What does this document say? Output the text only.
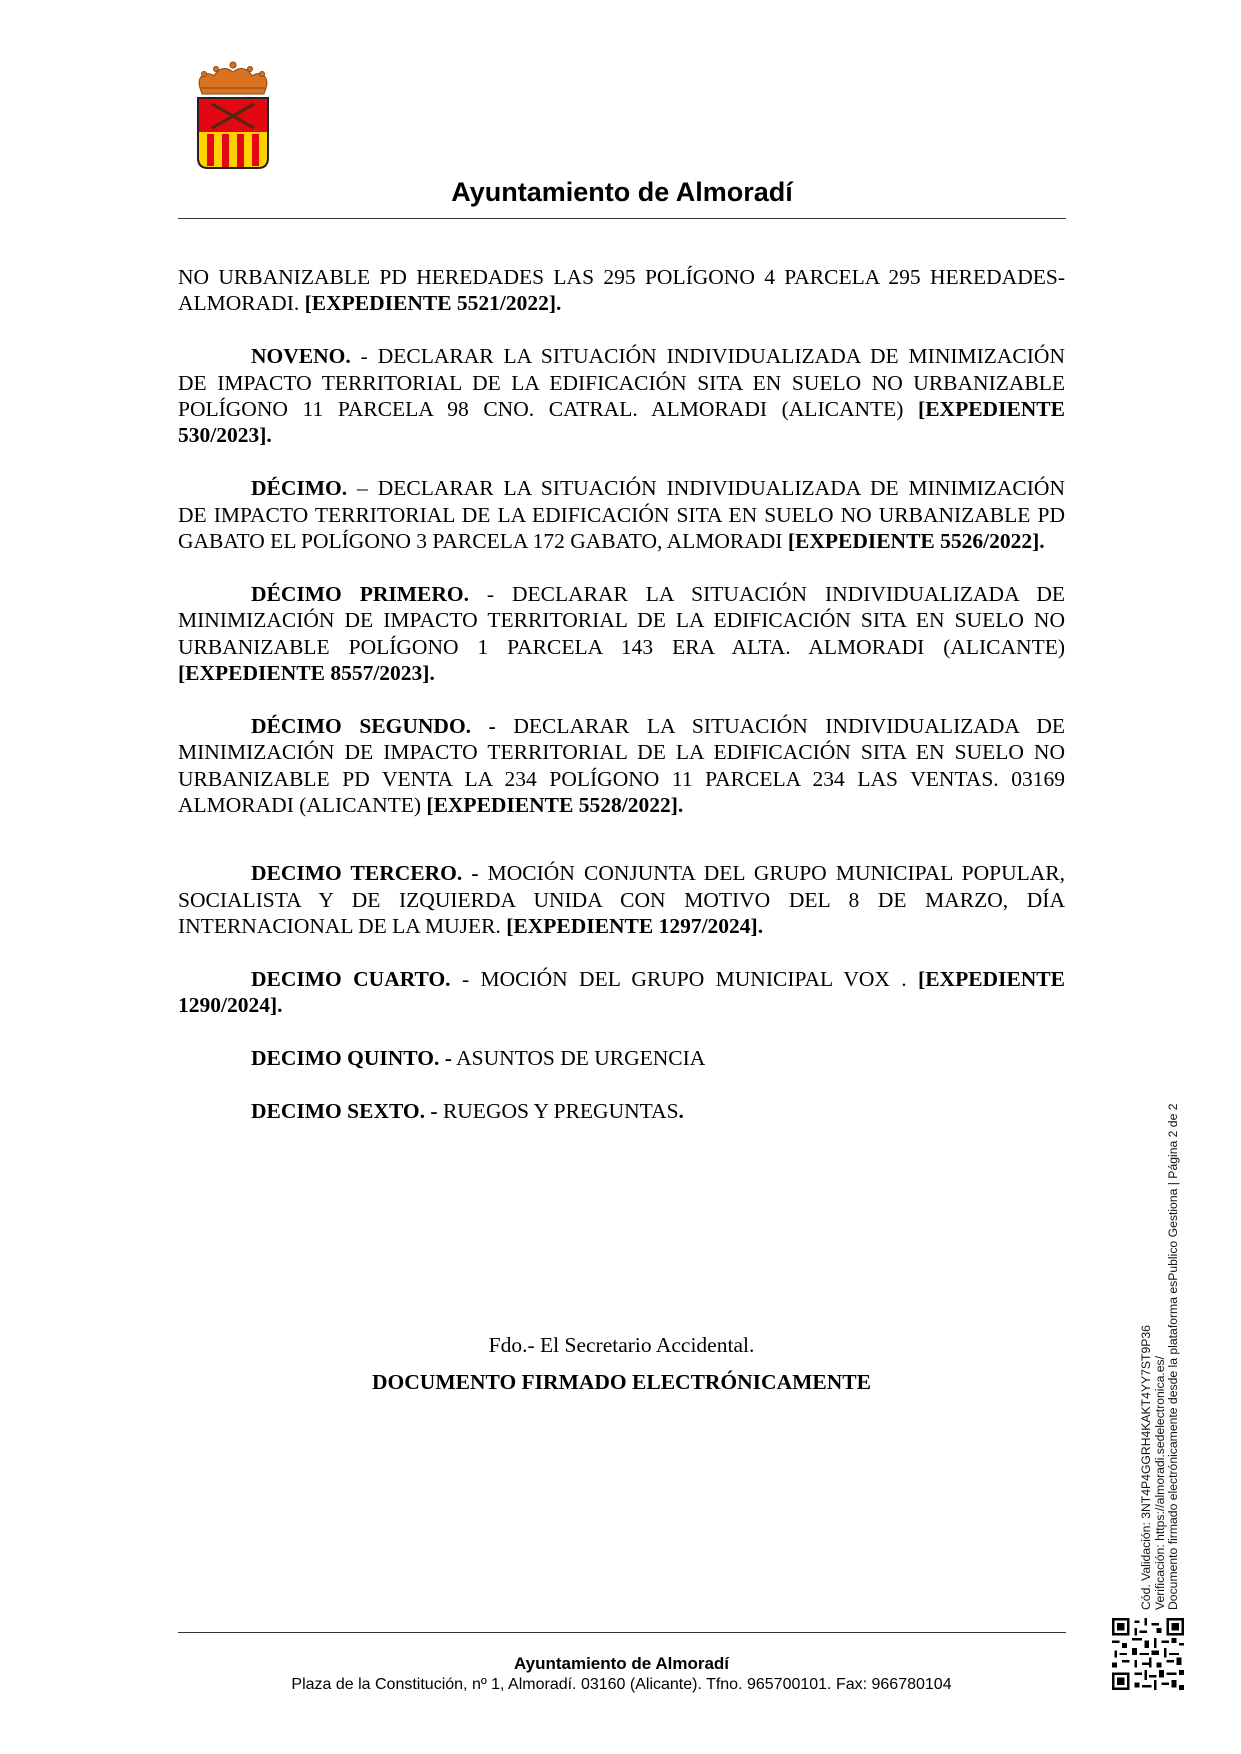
Ayuntamiento de Almoradí

NO URBANIZABLE PD HEREDADES LAS 295 POLÍGONO 4 PARCELA 295 HEREDADES-ALMORADI. [EXPEDIENTE 5521/2022].

NOVENO. - DECLARAR LA SITUACIÓN INDIVIDUALIZADA DE MINIMIZACIÓN DE IMPACTO TERRITORIAL DE LA EDIFICACIÓN SITA EN SUELO NO URBANIZABLE POLÍGONO 11 PARCELA 98 CNO. CATRAL. ALMORADI (ALICANTE) [EXPEDIENTE 530/2023].

DÉCIMO. – DECLARAR LA SITUACIÓN INDIVIDUALIZADA DE MINIMIZACIÓN DE IMPACTO TERRITORIAL DE LA EDIFICACIÓN SITA EN SUELO NO URBANIZABLE PD GABATO EL POLÍGONO 3 PARCELA 172 GABATO, ALMORADI [EXPEDIENTE 5526/2022].

DÉCIMO PRIMERO. - DECLARAR LA SITUACIÓN INDIVIDUALIZADA DE MINIMIZACIÓN DE IMPACTO TERRITORIAL DE LA EDIFICACIÓN SITA EN SUELO NO URBANIZABLE POLÍGONO 1 PARCELA 143 ERA ALTA. ALMORADI (ALICANTE) [EXPEDIENTE 8557/2023].

DÉCIMO SEGUNDO. - DECLARAR LA SITUACIÓN INDIVIDUALIZADA DE MINIMIZACIÓN DE IMPACTO TERRITORIAL DE LA EDIFICACIÓN SITA EN SUELO NO URBANIZABLE PD VENTA LA 234 POLÍGONO 11 PARCELA 234 LAS VENTAS. 03169 ALMORADI (ALICANTE) [EXPEDIENTE 5528/2022].

DECIMO TERCERO. - MOCIÓN CONJUNTA DEL GRUPO MUNICIPAL POPULAR, SOCIALISTA Y DE IZQUIERDA UNIDA CON MOTIVO DEL 8 DE MARZO, DÍA INTERNACIONAL DE LA MUJER. [EXPEDIENTE 1297/2024].

DECIMO CUARTO. - MOCIÓN DEL GRUPO MUNICIPAL VOX . [EXPEDIENTE 1290/2024].

DECIMO QUINTO. - ASUNTOS DE URGENCIA

DECIMO SEXTO. - RUEGOS Y PREGUNTAS.

Fdo.- El Secretario Accidental.
DOCUMENTO FIRMADO ELECTRÓNICAMENTE	Cód. Validación: 3NT4P4GGRH4KAKT4YY7ST9P36 Verificación: https://almoradi.sedelectronica.es/ Documento firmado electrónicamente desde la plataforma esPublico Gestiona | Página 2 de 2
Ayuntamiento de Almoradí
Plaza de la Constitución, nº 1, Almoradí. 03160 (Alicante). Tfno. 965700101. Fax: 966780104
